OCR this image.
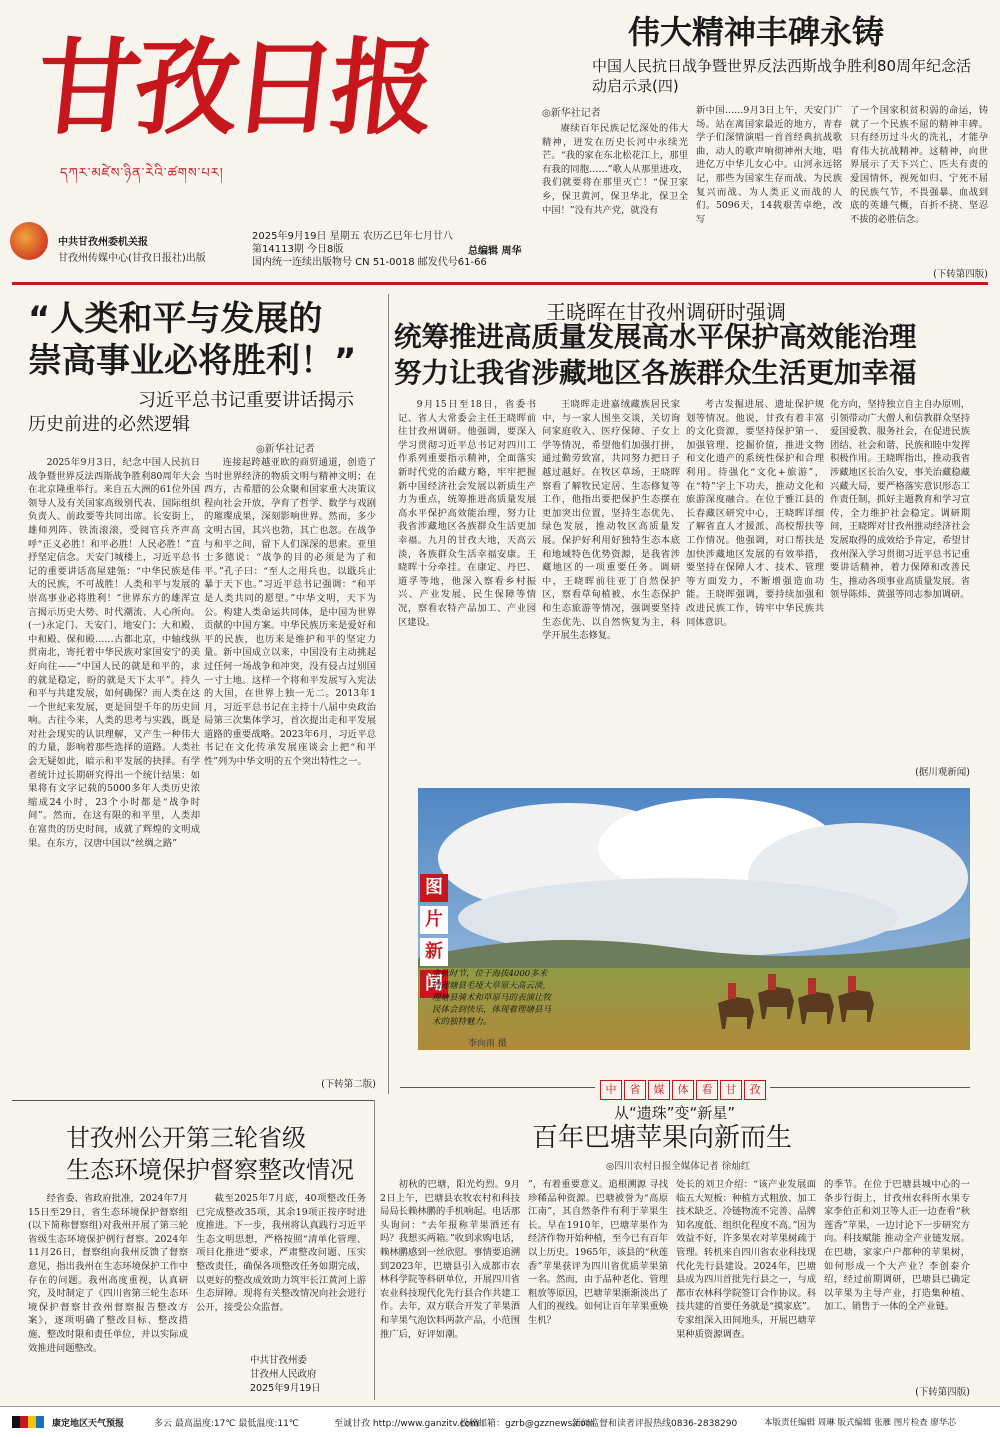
甘孜日报
དཀར་མཛེས་ཉིན་རེའི་ཚགས་པར།
中共甘孜州委机关报
甘孜州传媒中心(甘孜日报社)出版
2025年9月19日 星期五 农历乙巳年七月廿八
第14113期 今日8版
国内统一连续出版物号 CN 51-0018 邮发代号61-66
总编辑 周华
伟大精神丰碑永铸
中国人民抗日战争暨世界反法西斯战争胜利80周年纪念活动启示录(四)
◎新华社记者

赓续百年民族记忆深处的伟大精神，迸发在历史长河中永续光芒。“我的家在东北松花江上，那里有我的同胞……”歌人从那里进攻，我们就要将在那里灭亡！“保卫家乡，保卫黄河，保卫华北，保卫全中国！”没有共产党，就没有

新中国……9月3日上午，天安门广场。站在离国家最近的地方，青春学子们深情演唱一首首经典抗战歌曲，动人的歌声响彻神州大地，唱进亿万中华儿女心中。山河永远铭记，那些为国家生存而战、为民族复兴而战、为人类正义而战的人们。5096天，14载艰苦卓绝，改写

了一个国家积贫积弱的命运，铸就了一个民族不屈的精神丰碑。只有经历过斗火的洗礼，才能孕育伟大抗战精神。这精神，向世界展示了天下兴亡、匹夫有责的爱国情怀，视死如归、宁死不屈的民族气节，不畏强暴、血战到底的英雄气概，百折不挠、坚忍不拔的必胜信念。

(下转第四版)
“人类和平与发展的
崇高事业必将胜利！”
习近平总书记重要讲话揭示
历史前进的必然逻辑
◎新华社记者

2025年9月3日，纪念中国人民抗日战争暨世界反法西斯战争胜利80周年大会在北京隆重举行。来自五大洲的61位外国领导人及有关国家高级别代表、国际组织负责人、前政要等共同出席。长安街上，雄师列阵、铁流滚滚，受阅官兵齐声高呼“正义必胜！和平必胜！人民必胜！”直抒坚定信念。天安门城楼上，习近平总书记的重要讲话高屋建瓴：“中华民族是伟大的民族，不可战胜！人类和平与发展的崇高事业必将胜利！”世界东方的雄浑宣言揭示历史大势、时代潮流、人心所向。(一)永定门、天安门、地安门；大和殿、中和殿、保和殿……古都北京，中轴线纵贯南北，寄托着中华民族对家国安宁的美好向往——“中国人民的就是和平的，求的就是稳定，盼的就是天下太平”。持久和平与共建发展，如何确保？而人类在这一个世纪来发展，更是回望千年的历史回响。古往今来，人类的思考与实践，既是对社会现实的认识理解，又产生一种伟大的力量，影响着那些选择的道路。人类社会无疑如此，暗示和平发展的抉择。有学者统计过长期研究得出一个统计结果：如果将有文字记载的5000多年人类历史浓缩成24小时，23个小时都是“战争时间”。然而，在这有限的和平里，人类却在富贵的历史时间，成就了辉煌的文明成果。在东方，汉唐中国以“丝绸之路”

连接起跨越亚欧的商贸通道，创造了当时世界经济的物质文明与精神文明；在西方，古希腊的公众聚和国家重大决策议程向社会开放，孕育了哲学、数学与戏剧的璀璨成果，深刻影响世界。然而，多少文明古国，其兴也勃，其亡也忽。在战争与和平之间，留下人们深深的思索。亚里士多德说：“战争的目的必须是为了和平。”孔子曰：“至人之用兵也，以戢兵止暴于天下也。”习近平总书记强调：“和平是人类共同的愿望。”中华文明，天下为公。构建人类命运共同体，是中国为世界贡献的中国方案。中华民族历来是爱好和平的民族，也历来是维护和平的坚定力量。新中国成立以来，中国没有主动挑起过任何一场战争和冲突，没有侵占过别国一寸土地。这样一个将和平发展写入宪法的大国，在世界上独一无二。2013年1月，习近平总书记在主持十八届中央政治局第三次集体学习，首次提出走和平发展道路的重要战略。2023年6月，习近平总书记在文化传承发展座谈会上把“和平性”列为中华文明的五个突出特性之一。

(下转第二版)
王晓晖在甘孜州调研时强调
统筹推进高质量发展高水平保护高效能治理
努力让我省涉藏地区各族群众生活更加幸福

9月15日至18日，省委书记、省人大常委会主任王晓晖前往甘孜州调研。他强调，要深入学习贯彻习近平总书记对四川工作系列重要指示精神，全面落实新时代党的治藏方略，牢牢把握新中国经济社会发展以新质生产力为重点，统筹推进高质量发展高水平保护高效能治理，努力让我省涉藏地区各族群众生活更加幸福。九月的甘孜大地，天高云淡，各族群众生活幸福安康。王晓晖十分牵挂。在康定、丹巴、道孚等地，他深入察看乡村振兴、产业发展、民生保障等情况，察看农特产品加工、产业园区建设。

王晓晖走进嘉绒藏族居民家中，与一家人围坐交谈，关切询问家庭收入、医疗保障、子女上学等情况，希望他们加强打拼，通过勤劳致富，共同努力把日子越过越好。在牧区草场，王晓晖察看了解牧民定居、生态修复等工作，他指出要把保护生态摆在更加突出位置，坚持生态优先、绿色发展，推动牧区高质量发展。保护好利用好独特生态本底和地域特色优势资源，是我省涉藏地区的一项重要任务。调研中，王晓晖前往亚丁自然保护区，察看草甸植被、水生态保护和生态旅游等情况，强调要坚持生态优先、以自然恢复为主，科学开展生态修复。

考古发掘进展、遗址保护规划等情况。他说，甘孜有着丰富的文化资源，要坚持保护第一、加强管理、挖掘价值，推进文物和文化遗产的系统性保护和合理利用。待强化“文化+旅游”，在“特”字上下功夫，推动文化和旅游深度融合。在位于雅江县的长春藏区研究中心，王晓晖详细了解省直人才援派、高校帮扶等工作情况。他强调，对口帮扶是加快涉藏地区发展的有效举措，要坚持在保障人才、技术、管理等方面发力，不断增强造血功能。王晓晖强调，要持续加强和改进民族工作，铸牢中华民族共同体意识。

化方向，坚持独立自主自办原则，引领带动广大僧人和信教群众坚持爱国爱教、服务社会，在促进民族团结、社会和谐、民族和睦中发挥积极作用。王晓晖指出，推动我省涉藏地区长治久安，事关治藏稳藏兴藏大局，要严格落实意识形态工作责任制，抓好主题教育和学习宣传，全力维护社会稳定。调研期间，王晓晖对甘孜州推动经济社会发展取得的成效给予肯定，希望甘孜州深入学习贯彻习近平总书记重要讲话精神，着力保障和改善民生，推动各项事业高质量发展。省领导陈炜、黄强等同志参加调研。

(据川观新闻)
图片
新闻
金秋时节，位于海拔4000多米的理塘县毛垭大草原天高云淡，理塘县骑术和草原马的表演让牧民体会到快乐，体现着理塘县马术的独特魅力。
李向雨 摄
中 省 媒 体 看 甘 孜
从“遗珠”变“新星”
百年巴塘苹果向新而生
◎四川农村日报全媒体记者 徐灿红

初秋的巴塘，阳光灼烈。9月2日上午，巴塘县农牧农村和科技局局长赖林鹏的手机响起。电话那头询问：“去年报称苹果酒还有吗？我想买两箱。”收到求购电话，赖林鹏感到一丝欣慰。事情要追溯到2023年，巴塘县引入成都市农林科学院等科研单位，开展四川省农业科技现代化先行县合作共建工作。去年，双方联合开发了苹果酒和苹果气泡饮料两款产品，小范围推广后，好评如潮。

”，有着重要意义。追根溯源 寻找珍稀品种资源。巴塘被誉为“高原江南”，其自然条件有利于苹果生长。早在1910年，巴塘苹果作为经济作物开始种植，至今已有百年以上历史。1965年，该县的“秋莲香”苹果获评为四川省优质苹果第一名。然而，由于品种老化、管理粗放等原因，巴塘苹果渐渐淡出了人们的视线。如何让百年苹果重焕生机？

处长的刘卫介绍：“该产业发展面临五大短板：种植方式粗放、加工技术缺乏、冷链物流不完善、品牌知名度低、组织化程度不高。”因为效益不好，许多果农对苹果树疏于管理。转机来自四川省农业科技现代化先行县建设。2024年，巴塘县成为四川首批先行县之一，与成都市农林科学院签订合作协议。科技共建的首要任务就是“摸家底”。专家组深入田间地头，开展巴塘苹果种质资源调查。

的季节。在位于巴塘县城中心的一条步行街上，甘孜州农科所水果专家李伯正和刘卫等人正一边查看“秋莲香”苹果，一边讨论下一步研究方向。科技赋能 推动全产业链发展。在巴塘，家家户户都种的苹果树，如何形成一个大产业？李创泰介绍，经过前期调研，巴塘县已确定以苹果为主导产业，打造集种植、加工、销售于一体的全产业链。

(下转第四版)
甘孜州公开第三轮省级
生态环境保护督察整改情况

经省委、省政府批准，2024年7月15日至29日，省生态环境保护督察组(以下简称督察组)对我州开展了第三轮省级生态环境保护例行督察。2024年11月26日，督察组向我州反馈了督察意见，指出我州在生态环境保护工作中存在的问题。我州高度重视，认真研究，及时制定了《四川省第三轮生态环境保护督察甘孜州督察报告整改方案》，逐项明确了整改目标、整改措施、整改时限和责任单位，并以实际成效推进问题整改。

截至2025年7月底，40项整改任务已完成整改35项，其余19项正按序时进度推进。下一步，我州将认真践行习近平生态文明思想，严格按照“清单化管理、项目化推进”要求，严肃整改问题、压实整改责任，确保各项整改任务如期完成，以更好的整改成效助力筑牢长江黄河上游生态屏障。现将有关整改情况向社会进行公开，接受公众监督。

中共甘孜州委
甘孜州人民政府
2025年9月19日
康定地区天气预报	多云 最高温度:17℃ 最低温度:11℃	至诚甘孜 http://www.ganzitv.com
投稿邮箱：gzrb@gzznews.com
新闻监督和读者评报热线0836-2838290	本版责任编辑 周琳 版式编辑 张雁 图片检查 廖华芯
